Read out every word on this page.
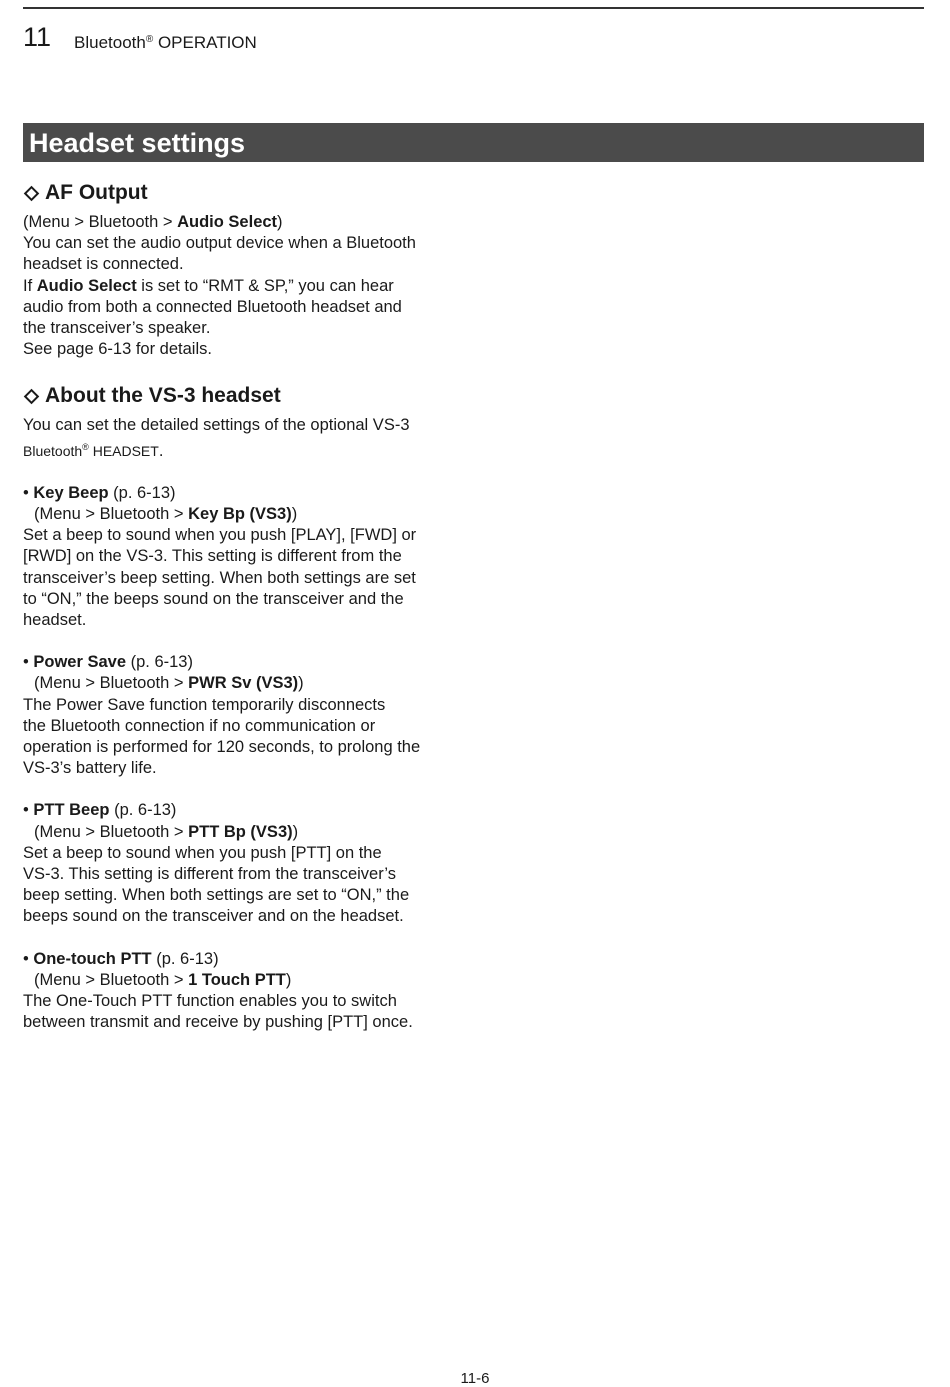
11 Bluetooth® OPERATION
Headset settings
AF Output
(Menu > Bluetooth > Audio Select)
You can set the audio output device when a Bluetooth
headset is connected.
If Audio Select is set to “RMT & SP,” you can hear
audio from both a connected Bluetooth headset and
the transceiver’s speaker.
See page 6-13 for details.
About the VS-3 headset
You can set the detailed settings of the optional VS-3
Bluetooth® HEADSET.
• Key Beep (p. 6-13)
(Menu > Bluetooth > Key Bp (VS3))
Set a beep to sound when you push [PLAY], [FWD] or
[RWD] on the VS-3. This setting is different from the
transceiver’s beep setting. When both settings are set
to “ON,” the beeps sound on the transceiver and the
headset.
• Power Save (p. 6-13)
(Menu > Bluetooth > PWR Sv (VS3))
The Power Save function temporarily disconnects
the Bluetooth connection if no communication or
operation is performed for 120 seconds, to prolong the
VS-3’s battery life.
• PTT Beep (p. 6-13)
(Menu > Bluetooth > PTT Bp (VS3))
Set a beep to sound when you push [PTT] on the
VS-3. This setting is different from the transceiver’s
beep setting. When both settings are set to “ON,” the
beeps sound on the transceiver and on the headset.
• One-touch PTT (p. 6-13)
(Menu > Bluetooth > 1 Touch PTT)
The One-Touch PTT function enables you to switch
between transmit and receive by pushing [PTT] once.
11-6
